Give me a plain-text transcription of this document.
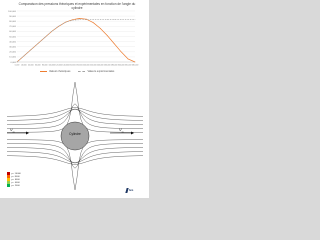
Comparaison des pressions théoriques et expérimentales en fonction de l'angle du cylindre
0,000
10,000
20,000
30,000
40,000
50,000
60,000
70,000
80,000
90,000
100,000
0,000 20,000 40,000 60,000 80,000 100,000 120,000 140,000 160,000 180,000 200,000 220,000 240,000 260,000 280,000 300,000 320,000 340,000
Valeurs théoriques	Valeurs expérimentales
Cylindre
$V_\infty$	$V_\infty$
p₁: 10000
p₂: 8000
p₃: 6000
p₄: 4000
p₅: 2000
fem
